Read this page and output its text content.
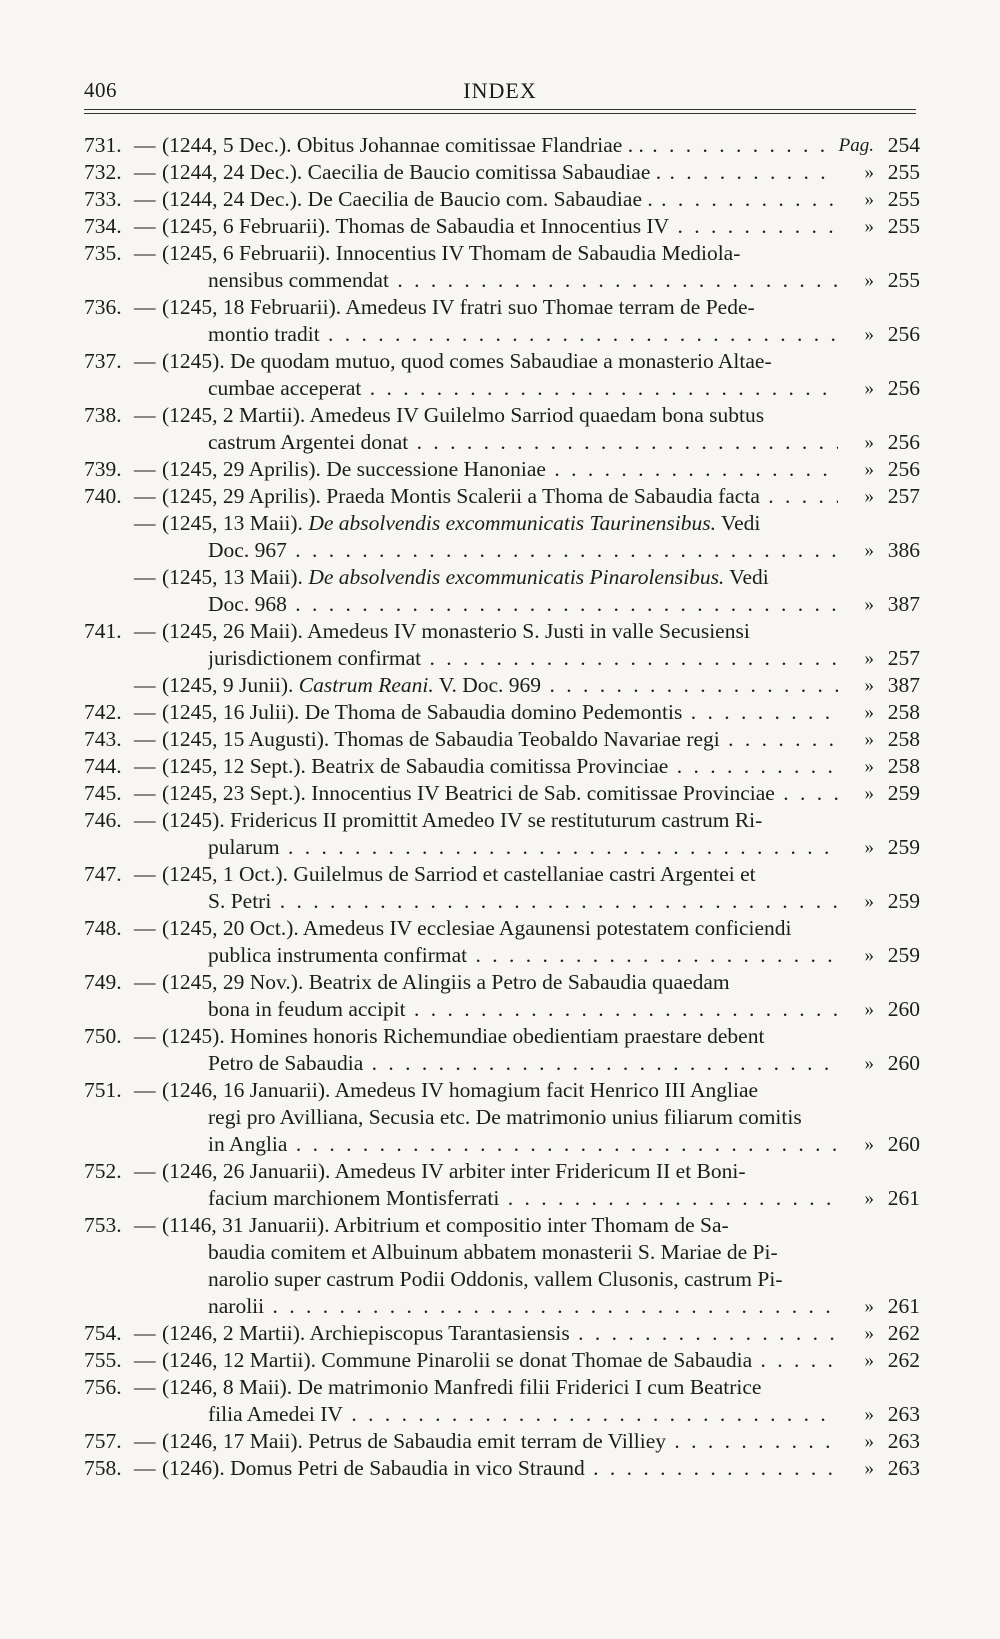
406	INDEX
731. — (1244, 5 Dec.). Obitus Johannae comitissae Flandriae . . . . .	Pag. 254
732. — (1244, 24 Dec.). Caecilia de Baucio comitissa Sabaudiae . . . .	» 255
733. — (1244, 24 Dec.). De Caecilia de Baucio com. Sabaudiae . . . .	» 255
734. — (1245, 6 Februarii). Thomas de Sabaudia et Innocentius IV . . .	» 255
735. — (1245, 6 Februarii). Innocentius IV Thomam de Sabaudia Mediola-
nensibus commendat . . .	» 255
736. — (1245, 18 Februarii). Amedeus IV fratri suo Thomae terram de Pede-
montio tradit . . .	» 256
737. — (1245). De quodam mutuo, quod comes Sabaudiae a monasterio Altae-
cumbae acceperat . . .	» 256
738. — (1245, 2 Martii). Amedeus IV Guilelmo Sarriod quaedam bona subtus
castrum Argentei donat . . .	» 256
739. — (1245, 29 Aprilis). De successione Hanoniae . . .	» 256
740. — (1245, 29 Aprilis). Praeda Montis Scalerii a Thoma de Sabaudia facta . . .	» 257
— (1245, 13 Maii). De absolvendis excommunicatis Taurinensibus. Vedi
Doc. 967 . . .	» 386
— (1245, 13 Maii). De absolvendis excommunicatis Pinarolensibus. Vedi
Doc. 968 . . .	» 387
741. — (1245, 26 Maii). Amedeus IV monasterio S. Justi in valle Secusiensi
jurisdictionem confirmat . . .	» 257
— (1245, 9 Junii). Castrum Reani. V. Doc. 969 . . .	» 387
742. — (1245, 16 Julii). De Thoma de Sabaudia domino Pedemontis . . .	» 258
743. — (1245, 15 Augusti). Thomas de Sabaudia Teobaldo Navariae regi . . .	» 258
744. — (1245, 12 Sept.). Beatrix de Sabaudia comitissa Provinciae . . .	» 258
745. — (1245, 23 Sept.). Innocentius IV Beatrici de Sab. comitissae Provinciae . . .	» 259
746. — (1245). Fridericus II promittit Amedeo IV se restituturum castrum Ri-
pularum . . .	» 259
747. — (1245, 1 Oct.). Guilelmus de Sarriod et castellaniae castri Argentei et
S. Petri . . .	» 259
748. — (1245, 20 Oct.). Amedeus IV ecclesiae Agaunensi potestatem conficiendi
publica instrumenta confirmat . . .	» 259
749. — (1245, 29 Nov.). Beatrix de Alingiis a Petro de Sabaudia quaedam
bona in feudum accipit . . .	» 260
750. — (1245). Homines honoris Richemundiae obedientiam praestare debent
Petro de Sabaudia . . .	» 260
751. — (1246, 16 Januarii). Amedeus IV homagium facit Henrico III Angliae
regi pro Avilliana, Secusia etc. De matrimonio unius filiarum comitis
in Anglia . . .	» 260
752. — (1246, 26 Januarii). Amedeus IV arbiter inter Fridericum II et Boni-
facium marchionem Montisferrati . . .	» 261
753. — (1146, 31 Januarii). Arbitrium et compositio inter Thomam de Sa-
baudia comitem et Albuinum abbatem monasterii S. Mariae de Pi-
narolio super castrum Podii Oddonis, vallem Clusonis, castrum Pi-
narolii . . .	» 261
754. — (1246, 2 Martii). Archiepiscopus Tarantasiensis . . .	» 262
755. — (1246, 12 Martii). Commune Pinarolii se donat Thomae de Sabaudia . . .	» 262
756. — (1246, 8 Maii). De matrimonio Manfredi filii Friderici I cum Beatrice
filia Amedei IV . . .	» 263
757. — (1246, 17 Maii). Petrus de Sabaudia emit terram de Villiey . . .	» 263
758. — (1246). Domus Petri de Sabaudia in vico Straund . . .	» 263
